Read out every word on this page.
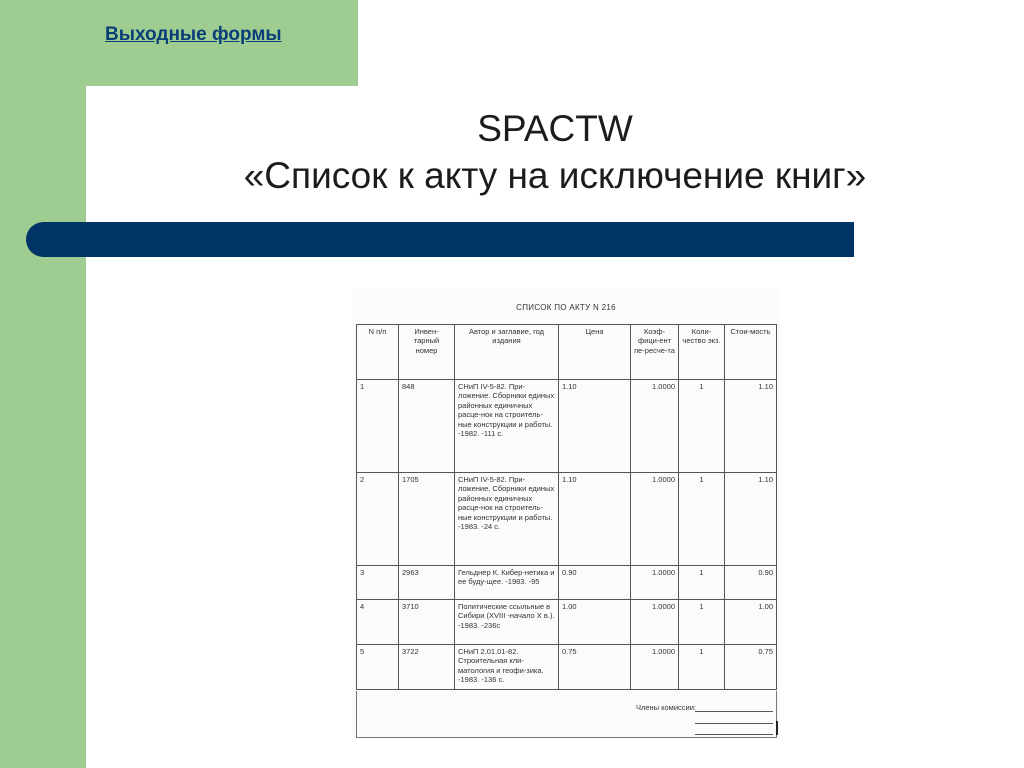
Выходные формы
SPACTW
«Список к акту на исключение книг»
СПИСОК ПО АКТУ N 216
N п/п	Инвен-тарный номер	Автор и заглавие, год издания	Цена	Коэф-фици-ент пе-ресче-та	Коли-чество экз.	Стои-мость
1	848	СНиП IV-5-82. При-ложение. Сборники единых районных единичных расце-нок на строитель-ные конструкции и работы. -1982. -111 с.	1.10	1.0000	1	1.10
2	1705	СНиП IV-5-82. При-ложение. Сборники единых районных единичных расце-нок на строитель-ные конструкции и работы. -1983. -24 с.	1.10	1.0000	1	1.10
3	2963	Гельднер К. Кибер-нетика и ее буду-щее. -1983. -95	0.90	1.0000	1	0.90
4	3710	Политические ссыльные в Сибири (XVIII -начало X в.). -1983. -236с	1.00	1.0000	1	1.00
5	3722	СНиП 2.01.01-82. Строительная кли-матология и геофи-зика. -1983. -136 с.	0.75	1.0000	1	0.75
Члены комиссии:
